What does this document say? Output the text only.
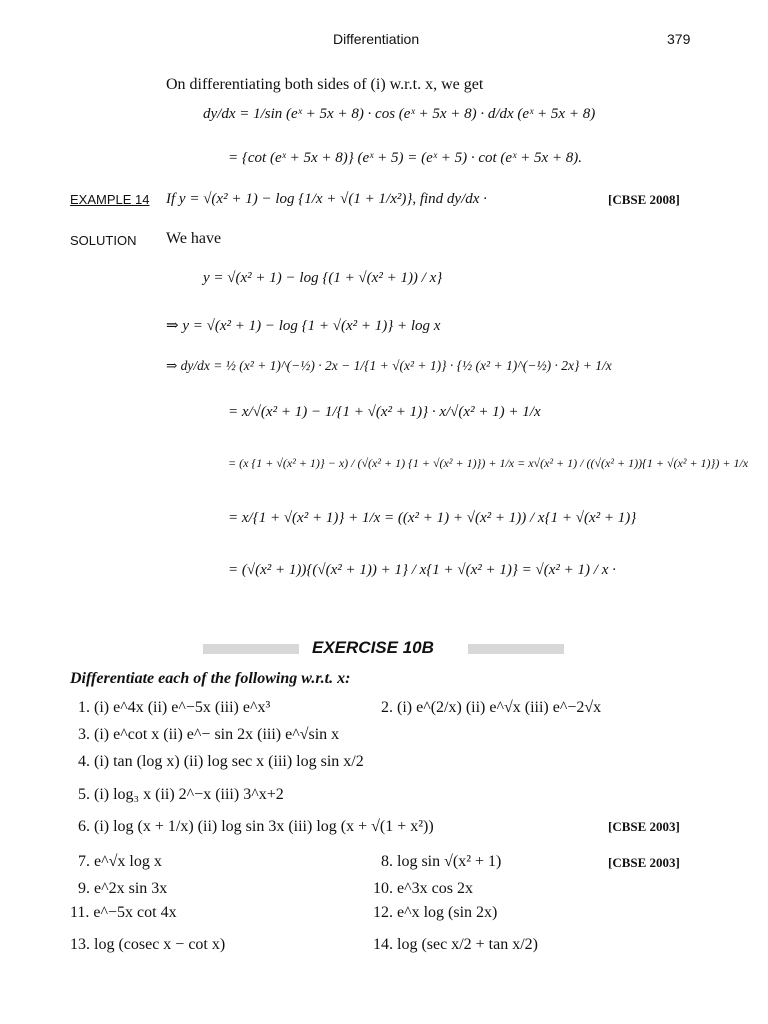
Differentiation	379
On differentiating both sides of (i) w.r.t. x, we get
dy/dx = 1/sin (eˣ + 5x + 8) · cos (eˣ + 5x + 8) · d/dx (eˣ + 5x + 8)
= {cot (eˣ + 5x + 8)} (eˣ + 5) = (eˣ + 5) · cot (eˣ + 5x + 8).
EXAMPLE 14 If y = √(x² + 1) − log {1/x + √(1 + 1/x²)}, find dy/dx ·	[CBSE 2008]
SOLUTION We have
y = √(x² + 1) − log {(1 + √(x² + 1)) / x}
⇒ y = √(x² + 1) − log {1 + √(x² + 1)} + log x
⇒ dy/dx = ½ (x² + 1)^(−½) · 2x − 1/{1 + √(x² + 1)} · {½ (x² + 1)^(−½) · 2x} + 1/x
= x/√(x² + 1) − 1/{1 + √(x² + 1)} · x/√(x² + 1) + 1/x
= (x {1 + √(x² + 1)} − x) / (√(x² + 1) {1 + √(x² + 1)}) + 1/x = x√(x² + 1) / ((√(x² + 1)){1 + √(x² + 1)}) + 1/x
= x/{1 + √(x² + 1)} + 1/x = ((x² + 1) + √(x² + 1)) / x{1 + √(x² + 1)}
= (√(x² + 1)){(√(x² + 1)) + 1} / x{1 + √(x² + 1)} = √(x² + 1) / x ·
EXERCISE 10B
Differentiate each of the following w.r.t. x:
1. (i) e^4x (ii) e^−5x (iii) e^x³
3. (i) e^cot x (ii) e^− sin 2x (iii) e^√sin x
4. (i) tan (log x) (ii) log sec x (iii) log sin x/2
5. (i) log₃ x (ii) 2^−x (iii) 3^x+2
6. (i) log (x + 1/x) (ii) log sin 3x (iii) log (x + √(1 + x²))	[CBSE 2003]
7. e^√x log x
9. e^2x sin 3x
11. e^−5x cot 4x
13. log (cosec x − cot x)
2. (i) e^(2/x) (ii) e^√x (iii) e^−2√x
8. log sin √(x² + 1)	[CBSE 2003]
10. e^3x cos 2x
12. e^x log (sin 2x)
14. log (sec x/2 + tan x/2)
